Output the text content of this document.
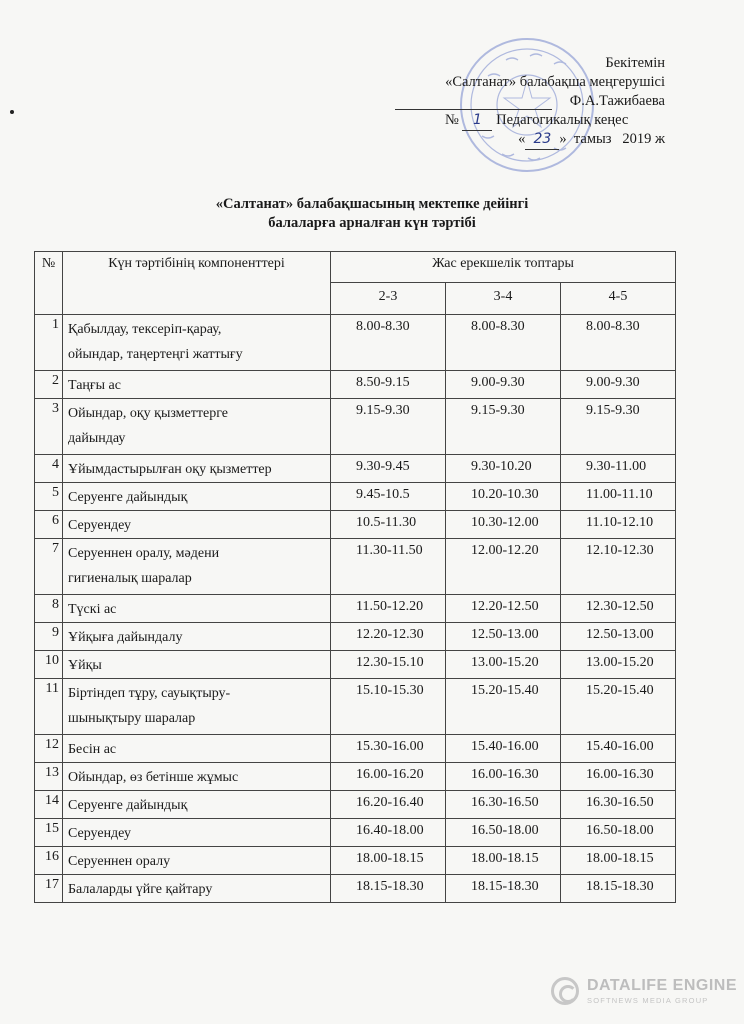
Бекітемін
«Салтанат» балабақша меңгерушісі
Ф.А.Тажибаева
№ 1 Педагогикалық кеңес
« 23 »  тамыз   2019 ж
«Салтанат» балабақшасының мектепке дейінгі
балаларға арналған күн тәртібі
№	Күн тәртібінің компоненттері	Жас ерекшелік топтары		
		2-3	3-4	4-5
1	Қабылдау, тексеріп-қарау,
ойындар, таңертеңгі жаттығу	8.00-8.30	8.00-8.30	8.00-8.30
2	Таңғы ас	8.50-9.15	9.00-9.30	9.00-9.30
3	Ойындар, оқу қызметтерге
дайындау	9.15-9.30	9.15-9.30	9.15-9.30
4	Ұйымдастырылған оқу қызметтер	9.30-9.45	9.30-10.20	9.30-11.00
5	Серуенге дайындық	9.45-10.5	10.20-10.30	11.00-11.10
6	Серуендеу	10.5-11.30	10.30-12.00	11.10-12.10
7	Серуеннен оралу, мәдени
гигиеналық шаралар	11.30-11.50	12.00-12.20	12.10-12.30
8	Түскі ас	11.50-12.20	12.20-12.50	12.30-12.50
9	Ұйқыға дайындалу	12.20-12.30	12.50-13.00	12.50-13.00
10	Ұйқы	12.30-15.10	13.00-15.20	13.00-15.20
11	Біртіндеп тұру, сауықтыру-
шынықтыру шаралар	15.10-15.30	15.20-15.40	15.20-15.40
12	Бесін ас	15.30-16.00	15.40-16.00	15.40-16.00
13	Ойындар, өз бетінше жұмыс	16.00-16.20	16.00-16.30	16.00-16.30
14	Серуенге дайындық	16.20-16.40	16.30-16.50	16.30-16.50
15	Серуендеу	16.40-18.00	16.50-18.00	16.50-18.00
16	Серуеннен оралу	18.00-18.15	18.00-18.15	18.00-18.15
17	Балаларды үйге қайтару	18.15-18.30	18.15-18.30	18.15-18.30
DATALIFE ENGINE
SOFTNEWS MEDIA GROUP
